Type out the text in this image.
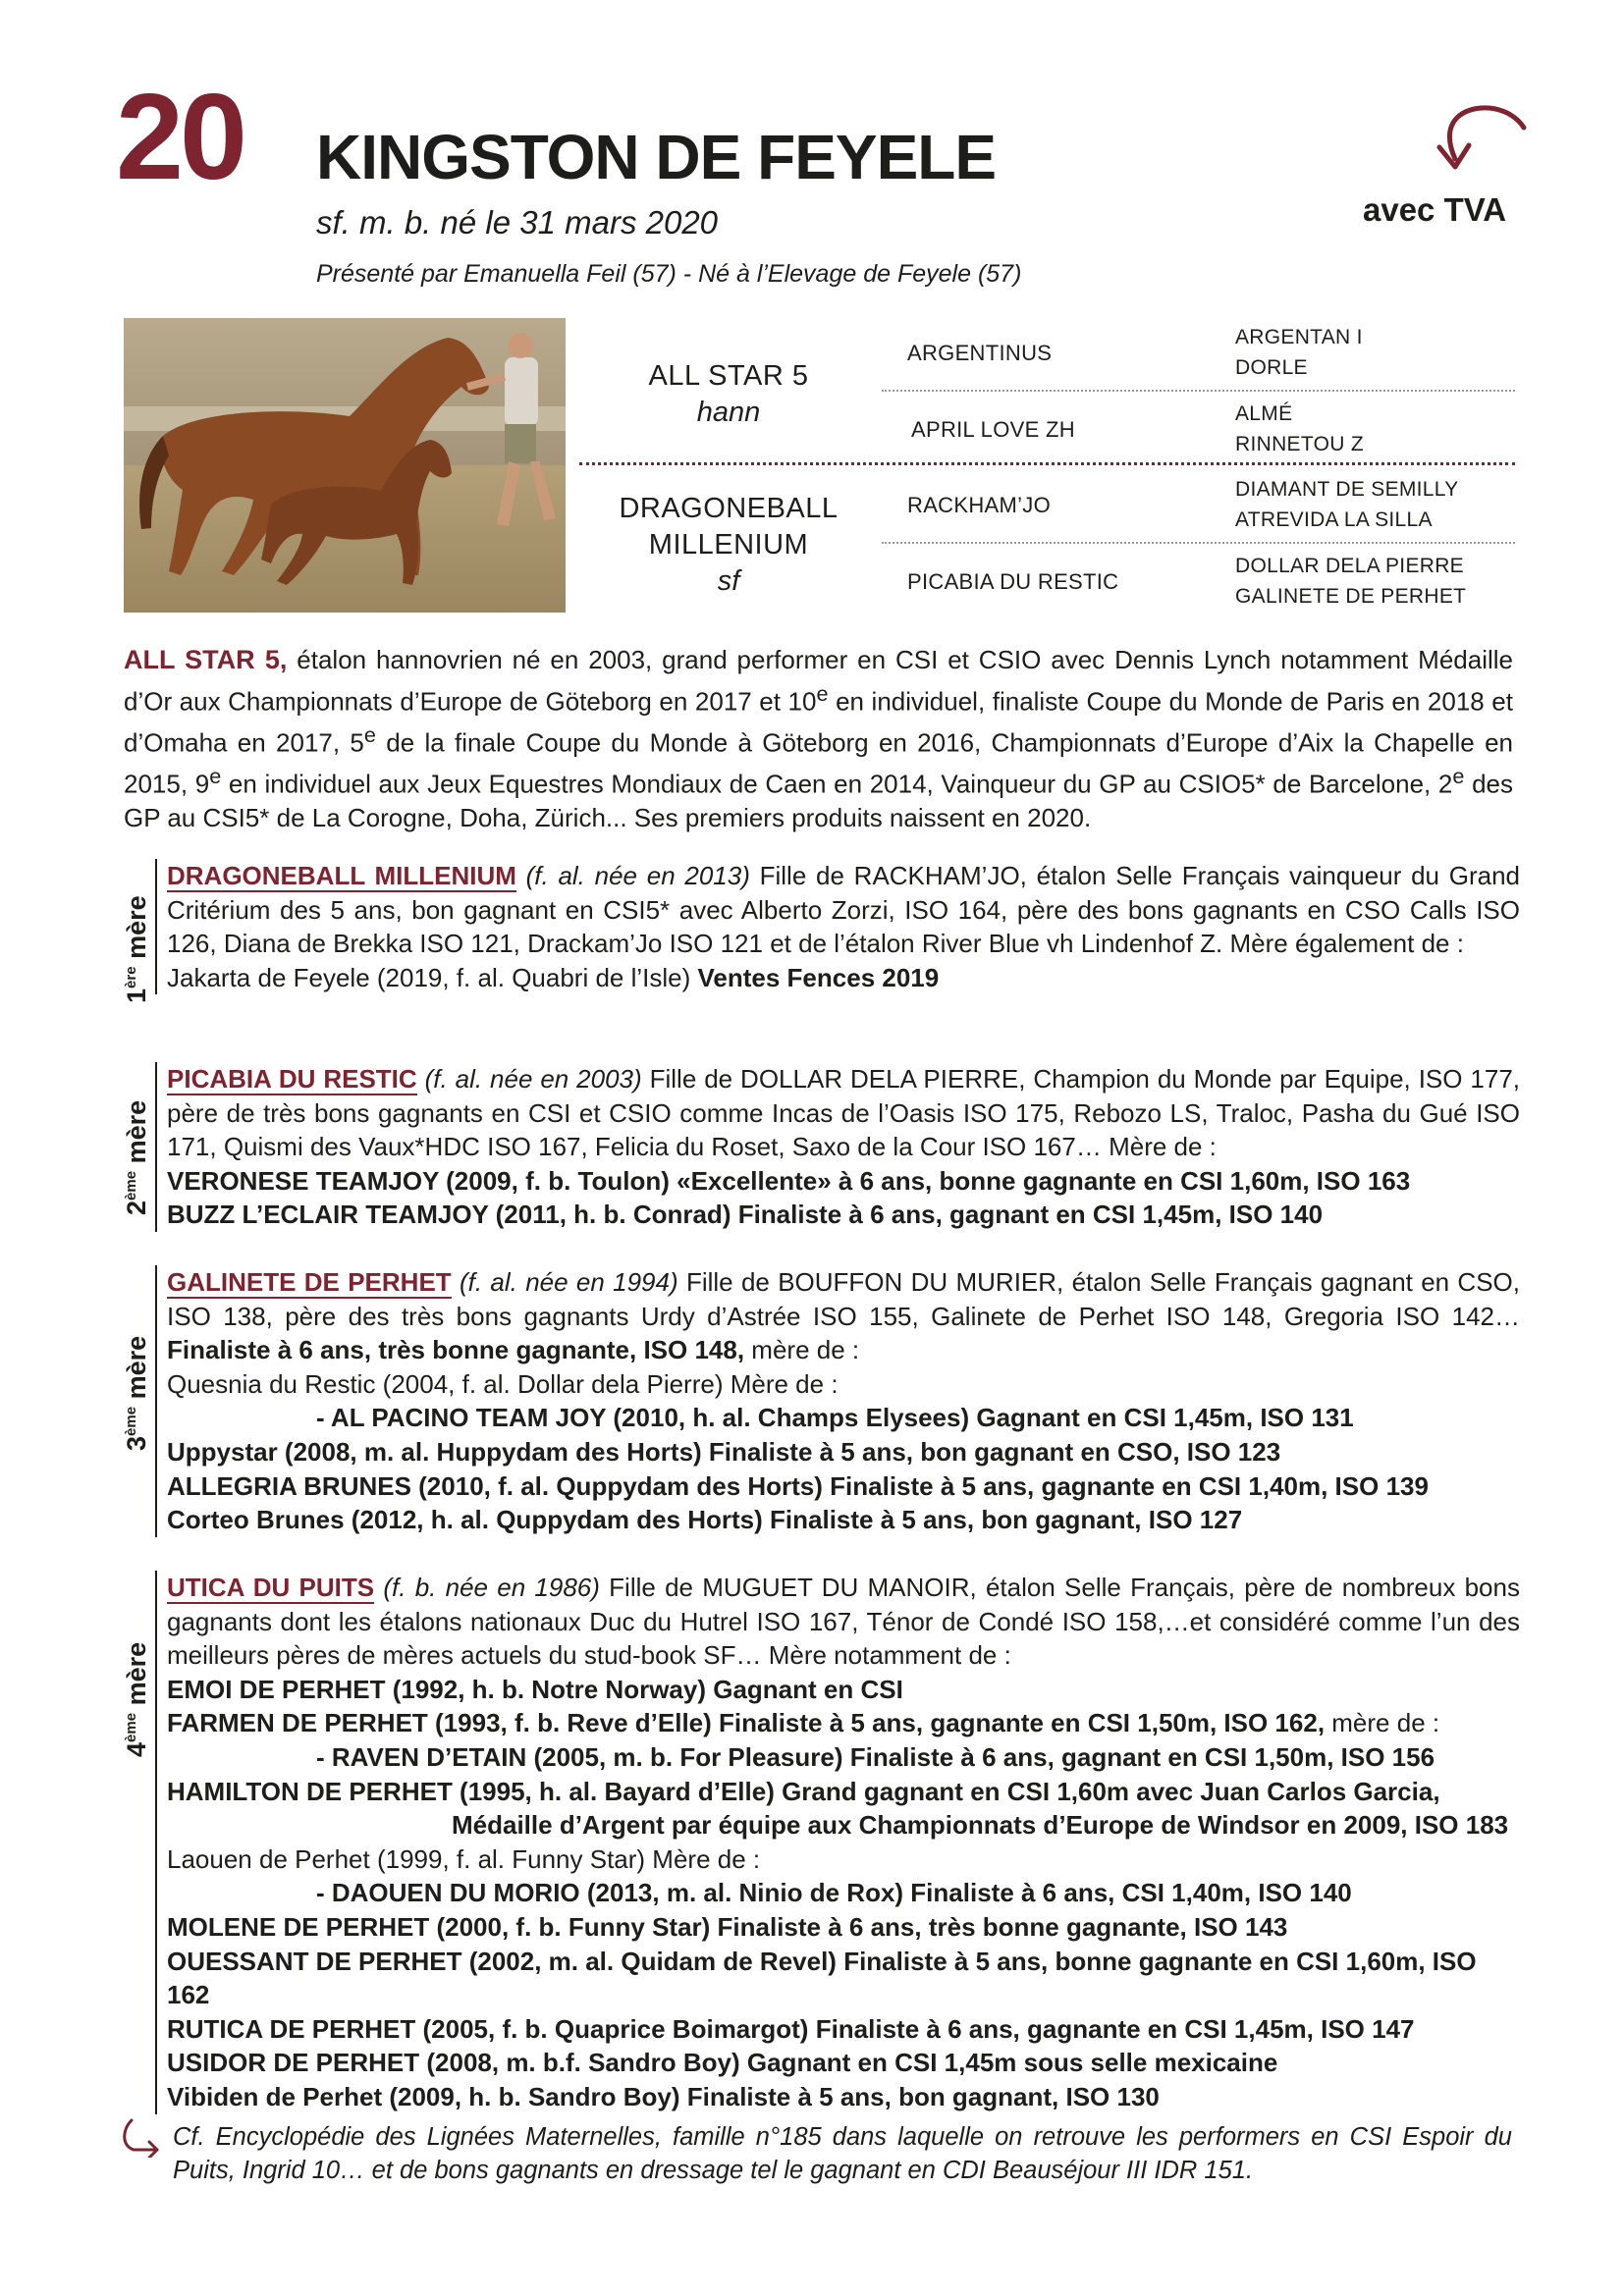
20 KINGSTON DE FEYELE
sf. m. b. né le 31 mars 2020
Présenté par Emanuella Feil (57) - Né à l’Elevage de Feyele (57)
avec TVA
ALL STAR 5
hann
DRAGONEBALL
MILLENIUM
sf
ARGENTINUS
APRIL LOVE ZH
RACKHAM’JO
PICABIA DU RESTIC
ARGENTAN I
DORLE
ALMÉ
RINNETOU Z
DIAMANT DE SEMILLY
ATREVIDA LA SILLA
DOLLAR DELA PIERRE
GALINETE DE PERHET
ALL STAR 5, étalon hannovrien né en 2003, grand performer en CSI et CSIO avec Dennis Lynch notamment Médaille d’Or aux Championnats d’Europe de Göteborg en 2017 et 10e en individuel, finaliste Coupe du Monde de Paris en 2018 et d’Omaha en 2017, 5e de la finale Coupe du Monde à Göteborg en 2016, Championnats d’Europe d’Aix la Chapelle en 2015, 9e en individuel aux Jeux Equestres Mondiaux de Caen en 2014, Vainqueur du GP au CSIO5* de Barcelone, 2e des GP au CSI5* de La Corogne, Doha, Zürich... Ses premiers produits naissent en 2020.
1ère mère
DRAGONEBALL MILLENIUM (f. al. née en 2013) Fille de RACKHAM’JO, étalon Selle Français vainqueur du Grand Critérium des 5 ans, bon gagnant en CSI5* avec Alberto Zorzi, ISO 164, père des bons gagnants en CSO Calls ISO 126, Diana de Brekka ISO 121, Drackam’Jo ISO 121 et de l’étalon River Blue vh Lindenhof Z. Mère également de :
Jakarta de Feyele (2019, f. al. Quabri de l’Isle) Ventes Fences 2019
2ème mère
PICABIA DU RESTIC (f. al. née en 2003) Fille de DOLLAR DELA PIERRE, Champion du Monde par Equipe, ISO 177, père de très bons gagnants en CSI et CSIO comme Incas de l’Oasis ISO 175, Rebozo LS, Traloc, Pasha du Gué ISO 171, Quismi des Vaux*HDC ISO 167, Felicia du Roset, Saxo de la Cour ISO 167… Mère de :
VERONESE TEAMJOY (2009, f. b. Toulon) «Excellente» à 6 ans, bonne gagnante en CSI 1,60m, ISO 163
BUZZ L’ECLAIR TEAMJOY (2011, h. b. Conrad) Finaliste à 6 ans, gagnant en CSI 1,45m, ISO 140
3ème mère
GALINETE DE PERHET (f. al. née en 1994) Fille de BOUFFON DU MURIER, étalon Selle Français gagnant en CSO, ISO 138, père des très bons gagnants Urdy d’Astrée ISO 155, Galinete de Perhet ISO 148, Gregoria ISO 142… Finaliste à 6 ans, très bonne gagnante, ISO 148, mère de :
Quesnia du Restic (2004, f. al. Dollar dela Pierre) Mère de :
- AL PACINO TEAM JOY (2010, h. al. Champs Elysees) Gagnant en CSI 1,45m, ISO 131
Uppystar (2008, m. al. Huppydam des Horts) Finaliste à 5 ans, bon gagnant en CSO, ISO 123
ALLEGRIA BRUNES (2010, f. al. Quppydam des Horts) Finaliste à 5 ans, gagnante en CSI 1,40m, ISO 139
Corteo Brunes (2012, h. al. Quppydam des Horts) Finaliste à 5 ans, bon gagnant, ISO 127
4ème mère
UTICA DU PUITS (f. b. née en 1986) Fille de MUGUET DU MANOIR, étalon Selle Français, père de nombreux bons gagnants dont les étalons nationaux Duc du Hutrel ISO 167, Ténor de Condé ISO 158,…et considéré comme l’un des meilleurs pères de mères actuels du stud-book SF… Mère notamment de :
EMOI DE PERHET (1992, h. b. Notre Norway) Gagnant en CSI
FARMEN DE PERHET (1993, f. b. Reve d’Elle) Finaliste à 5 ans, gagnante en CSI 1,50m, ISO 162, mère de :
- RAVEN D’ETAIN (2005, m. b. For Pleasure) Finaliste à 6 ans, gagnant en CSI 1,50m, ISO 156
HAMILTON DE PERHET (1995, h. al. Bayard d’Elle) Grand gagnant en CSI 1,60m avec Juan Carlos Garcia,
Médaille d’Argent par équipe aux Championnats d’Europe de Windsor en 2009, ISO 183
Laouen de Perhet (1999, f. al. Funny Star) Mère de :
- DAOUEN DU MORIO (2013, m. al. Ninio de Rox) Finaliste à 6 ans, CSI 1,40m, ISO 140
MOLENE DE PERHET (2000, f. b. Funny Star) Finaliste à 6 ans, très bonne gagnante, ISO 143
OUESSANT DE PERHET (2002, m. al. Quidam de Revel) Finaliste à 5 ans, bonne gagnante en CSI 1,60m, ISO 162
RUTICA DE PERHET (2005, f. b. Quaprice Boimargot) Finaliste à 6 ans, gagnante en CSI 1,45m, ISO 147
USIDOR DE PERHET (2008, m. b.f. Sandro Boy) Gagnant en CSI 1,45m sous selle mexicaine
Vibiden de Perhet (2009, h. b. Sandro Boy) Finaliste à 5 ans, bon gagnant, ISO 130
Cf. Encyclopédie des Lignées Maternelles, famille n°185 dans laquelle on retrouve les performers en CSI Espoir du Puits, Ingrid 10… et de bons gagnants en dressage tel le gagnant en CDI Beauséjour III IDR 151.
